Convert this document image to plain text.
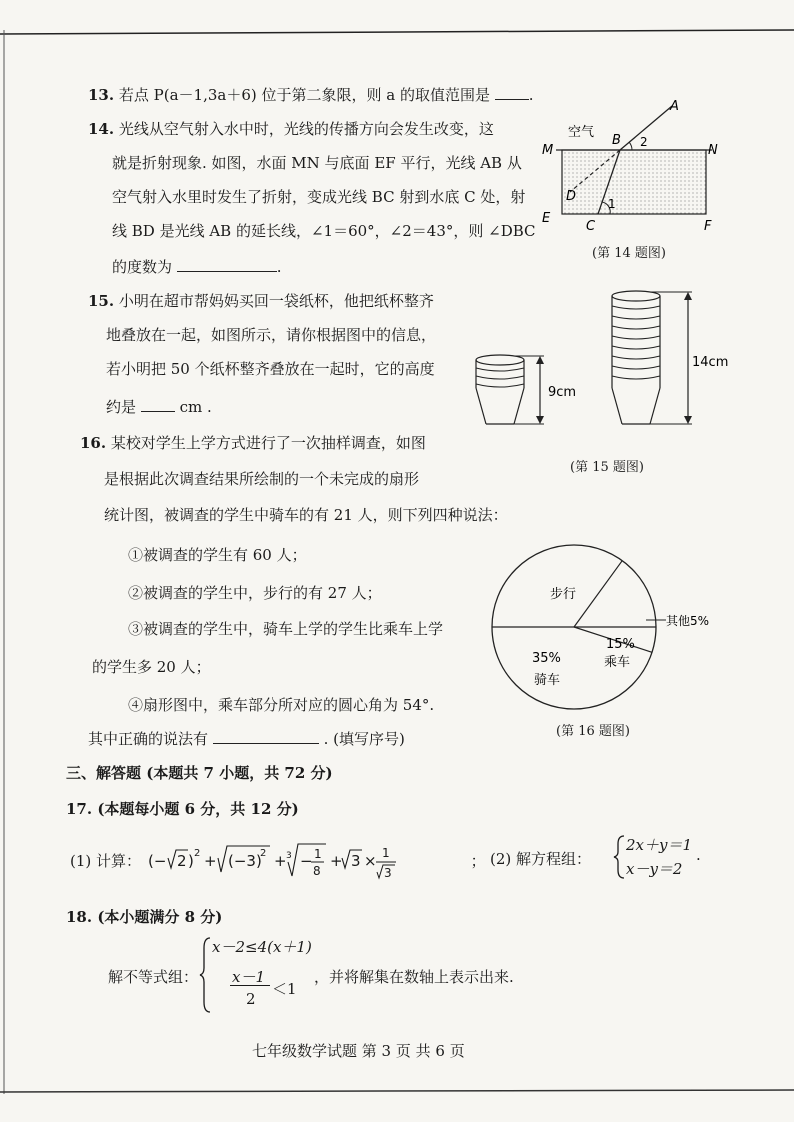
13. 若点 P(a－1,3a＋6) 位于第二象限，则 a 的取值范围是	.
14. 光线从空气射入水中时，光线的传播方向会发生改变，这
就是折射现象. 如图，水面 MN 与底面 EF 平行，光线 AB 从
空气射入水里时发生了折射，变成光线 BC 射到水底 C 处，射
线 BD 是光线 AB 的延长线，∠1＝60°，∠2＝43°，则 ∠DBC
的度数为	.
空气
A
B 2
M	N
D	1
E
C	F
(第 14 题图)
15. 小明在超市帮妈妈买回一袋纸杯，他把纸杯整齐
地叠放在一起，如图所示，请你根据图中的信息，
若小明把 50 个纸杯整齐叠放在一起时，它的高度
约是	cm .
9cm
14cm
(第 15 题图)
16. 某校对学生上学方式进行了一次抽样调查，如图
是根据此次调查结果所绘制的一个未完成的扇形
统计图，被调查的学生中骑车的有 21 人，则下列四种说法：
①被调查的学生有 60 人；
②被调查的学生中，步行的有 27 人；
③被调查的学生中，骑车上学的学生比乘车上学
的学生多 20 人；
④扇形图中，乘车部分所对应的圆心角为 54°.
其中正确的说法有	. (填写序号)
步行
其他5%
15%
乘车
35%
骑车
(第 16 题图)
三、解答题 (本题共 7 小题，共 72 分)
17. (本题每小题 6 分，共 12 分)
(1) 计算： (− 2 ) 2 + (−3)
2 + 3 − 1
8
+ 3 × 1
3
； (2) 解方程组：
2x＋y＝1
x－y＝2
.
18. (本小题满分 8 分)
解不等式组：
x－2≤4(x＋1)
x－1
2
＜1
，并将解集在数轴上表示出来.
七年级数学试题 第 3 页 共 6 页
